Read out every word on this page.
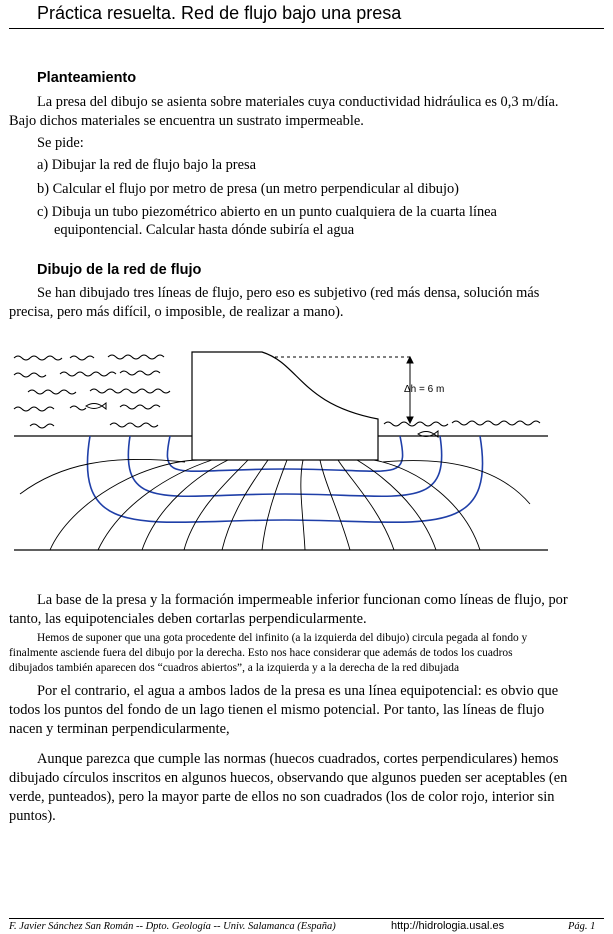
Práctica resuelta. Red de flujo bajo una presa
Planteamiento
La presa del dibujo se asienta sobre materiales cuya conductividad hidráulica es 0,3 m/día.
Bajo dichos materiales se encuentra un sustrato impermeable.
Se pide:
a) Dibujar la red de flujo bajo la presa
b) Calcular el flujo por metro de presa (un metro perpendicular al dibujo)
c) Dibuja un tubo piezométrico abierto en un punto cualquiera de la cuarta línea
equipontencial. Calcular hasta dónde subiría el agua
Dibujo de la red de flujo
Se han dibujado tres líneas de flujo, pero eso es subjetivo (red más densa, solución más
precisa, pero más difícil, o imposible, de realizar a mano).
Δh = 6 m
La base de la presa y la formación impermeable inferior funcionan como líneas de flujo, por
tanto, las equipotenciales deben cortarlas perpendicularmente.
Hemos de suponer que una gota procedente del infinito (a la izquierda del dibujo) circula pegada al fondo y
finalmente asciende fuera del dibujo por la derecha. Esto nos hace considerar que además de todos los cuadros
dibujados también aparecen dos “cuadros abiertos”, a la izquierda y a la derecha de la red dibujada
Por el contrario, el agua a ambos lados de la presa es una línea equipotencial: es obvio que
todos los puntos del fondo de un lago tienen el mismo potencial. Por tanto, las líneas de flujo
nacen y terminan perpendicularmente,
Aunque parezca que cumple las normas (huecos cuadrados, cortes perpendiculares) hemos
dibujado círculos inscritos en algunos huecos, observando que algunos pueden ser aceptables (en
verde, punteados), pero la mayor parte de ellos no son cuadrados (los de color rojo, interior sin
puntos).
F. Javier Sánchez San Román -- Dpto. Geología -- Univ. Salamanca (España)	http://hidrologia.usal.es	Pág. 1
